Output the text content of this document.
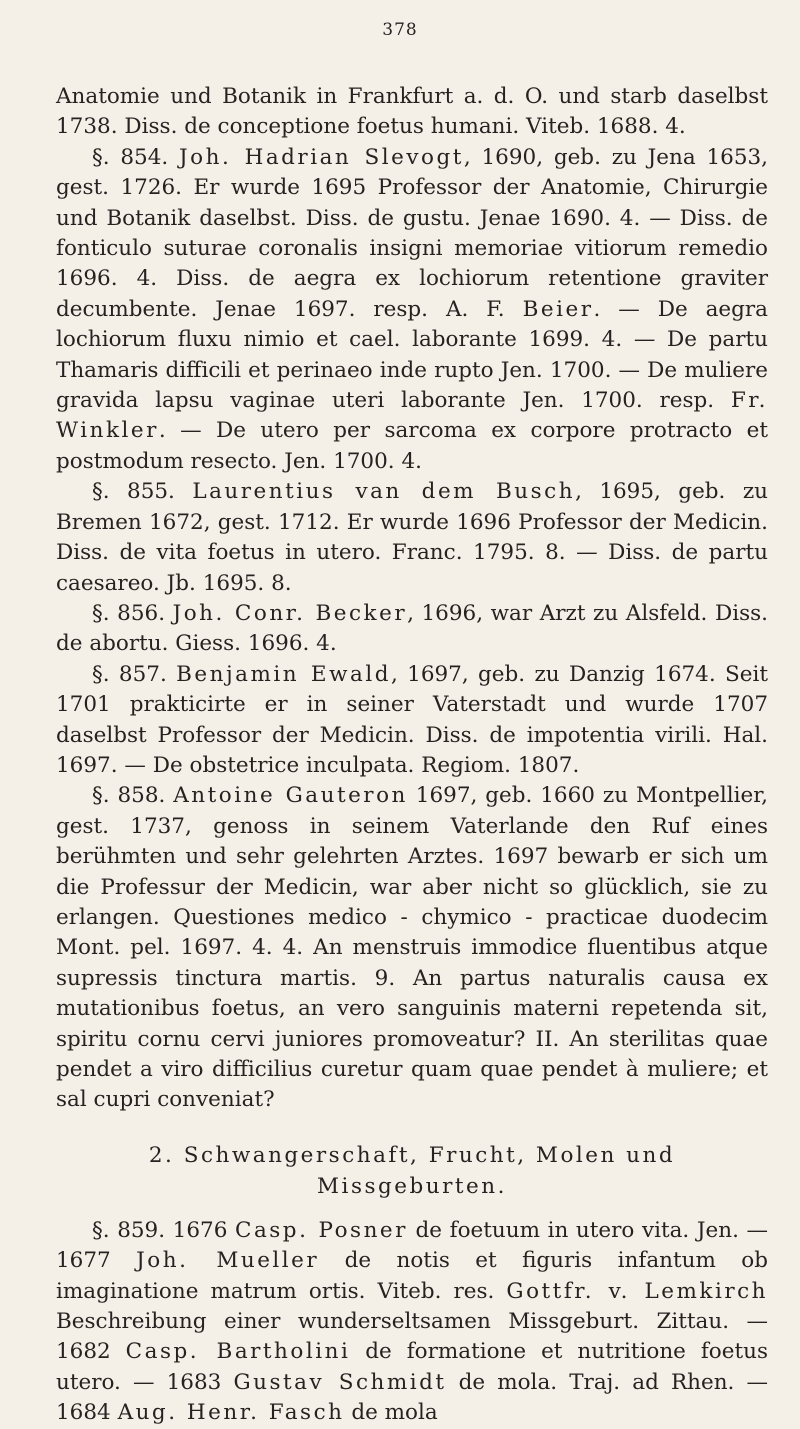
378

Anatomie und Botanik in Frankfurt a. d. O. und starb daselbst 1738. Diss. de conceptione foetus humani. Viteb. 1688. 4.

§. 854. Joh. Hadrian Slevogt, 1690, geb. zu Jena 1653, gest. 1726. Er wurde 1695 Professor der Anatomie, Chirurgie und Botanik daselbst. Diss. de gustu. Jenae 1690. 4. — Diss. de fonticulo suturae coronalis insigni memoriae vitiorum remedio 1696. 4. Diss. de aegra ex lochiorum retentione graviter decumbente. Jenae 1697. resp. A. F. Beier. — De aegra lochiorum fluxu nimio et cael. laborante 1699. 4. — De partu Thamaris difficili et perinaeo inde rupto Jen. 1700. — De muliere gravida lapsu vaginae uteri laborante Jen. 1700. resp. Fr. Winkler. — De utero per sarcoma ex corpore protracto et postmodum resecto. Jen. 1700. 4.

§. 855. Laurentius van dem Busch, 1695, geb. zu Bremen 1672, gest. 1712. Er wurde 1696 Professor der Medicin. Diss. de vita foetus in utero. Franc. 1795. 8. — Diss. de partu caesareo. Jb. 1695. 8.

§. 856. Joh. Conr. Becker, 1696, war Arzt zu Alsfeld. Diss. de abortu. Giess. 1696. 4.

§. 857. Benjamin Ewald, 1697, geb. zu Danzig 1674. Seit 1701 prakticirte er in seiner Vaterstadt und wurde 1707 daselbst Professor der Medicin. Diss. de impotentia virili. Hal. 1697. — De obstetrice inculpata. Regiom. 1807.

§. 858. Antoine Gauteron 1697, geb. 1660 zu Montpellier, gest. 1737, genoss in seinem Vaterlande den Ruf eines berühmten und sehr gelehrten Arztes. 1697 bewarb er sich um die Professur der Medicin, war aber nicht so glücklich, sie zu erlangen. Questiones medico - chymico - practicae duodecim Mont. pel. 1697. 4. 4. An menstruis immodice fluentibus atque supressis tinctura martis. 9. An partus naturalis causa ex mutationibus foetus, an vero sanguinis materni repetenda sit, spiritu cornu cervi juniores promoveatur? II. An sterilitas quae pendet a viro difficilius curetur quam quae pendet à muliere; et sal cupri conveniat?

2. Schwangerschaft, Frucht, Molen und
Missgeburten.

§. 859. 1676 Casp. Posner de foetuum in utero vita. Jen. — 1677 Joh. Mueller de notis et figuris infantum ob imaginatione matrum ortis. Viteb. res. Gottfr. v. Lemkirch Beschreibung einer wunderseltsamen Missgeburt. Zittau. — 1682 Casp. Bartholini de formatione et nutritione foetus utero. — 1683 Gustav Schmidt de mola. Traj. ad Rhen. — 1684 Aug. Henr. Fasch de mola
